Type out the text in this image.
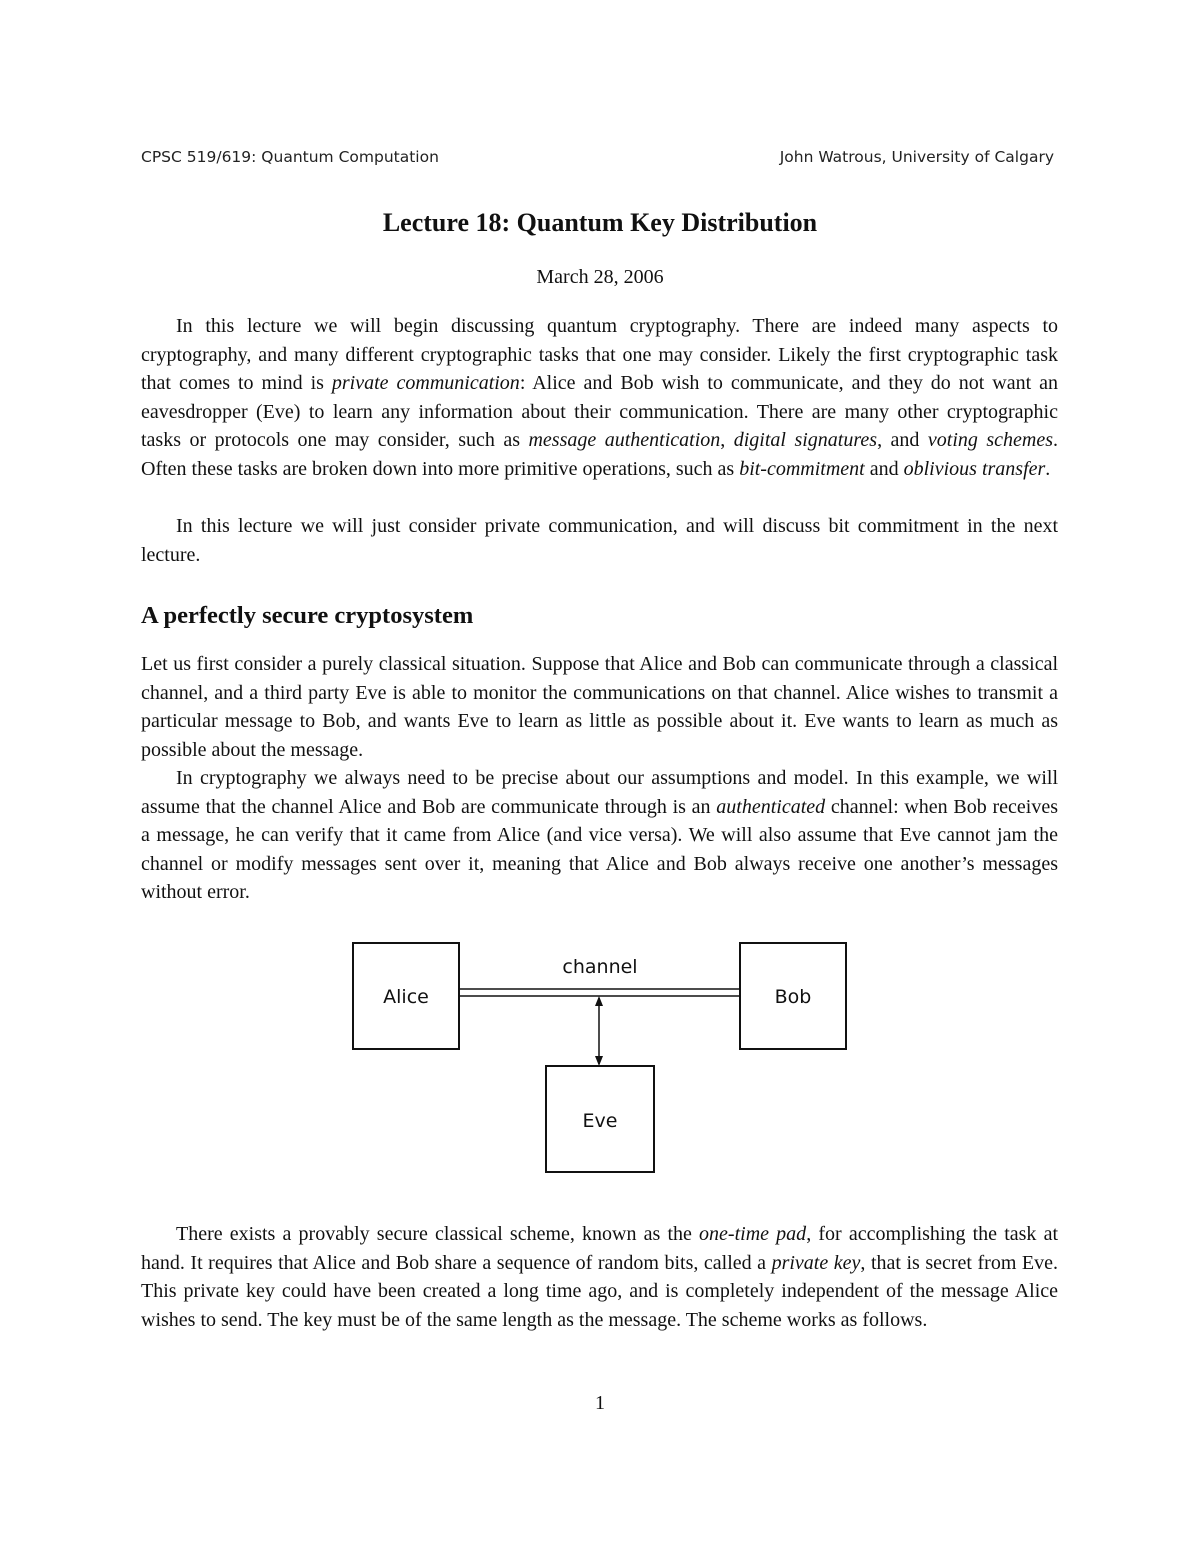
CPSC 519/619: Quantum Computation	John Watrous, University of Calgary
Lecture 18: Quantum Key Distribution
March 28, 2006

In this lecture we will begin discussing quantum cryptography. There are indeed many aspects to cryptography, and many different cryptographic tasks that one may consider. Likely the first cryptographic task that comes to mind is private communication: Alice and Bob wish to communicate, and they do not want an eavesdropper (Eve) to learn any information about their communication. There are many other cryptographic tasks or protocols one may consider, such as message authentication, digital signatures, and voting schemes. Often these tasks are broken down into more primitive operations, such as bit-commitment and oblivious transfer.

In this lecture we will just consider private communication, and will discuss bit commitment in the next lecture.

A perfectly secure cryptosystem

Let us first consider a purely classical situation. Suppose that Alice and Bob can communicate through a classical channel, and a third party Eve is able to monitor the communications on that channel. Alice wishes to transmit a particular message to Bob, and wants Eve to learn as little as possible about it. Eve wants to learn as much as possible about the message.

In cryptography we always need to be precise about our assumptions and model. In this example, we will assume that the channel Alice and Bob are communicate through is an authenticated channel: when Bob receives a message, he can verify that it came from Alice (and vice versa). We will also assume that Eve cannot jam the channel or modify messages sent over it, meaning that Alice and Bob always receive one another’s messages without error.

Alice	Bob
Eve
channel

There exists a provably secure classical scheme, known as the one-time pad, for accomplishing the task at hand. It requires that Alice and Bob share a sequence of random bits, called a private key, that is secret from Eve. This private key could have been created a long time ago, and is completely independent of the message Alice wishes to send. The key must be of the same length as the message. The scheme works as follows.

1
